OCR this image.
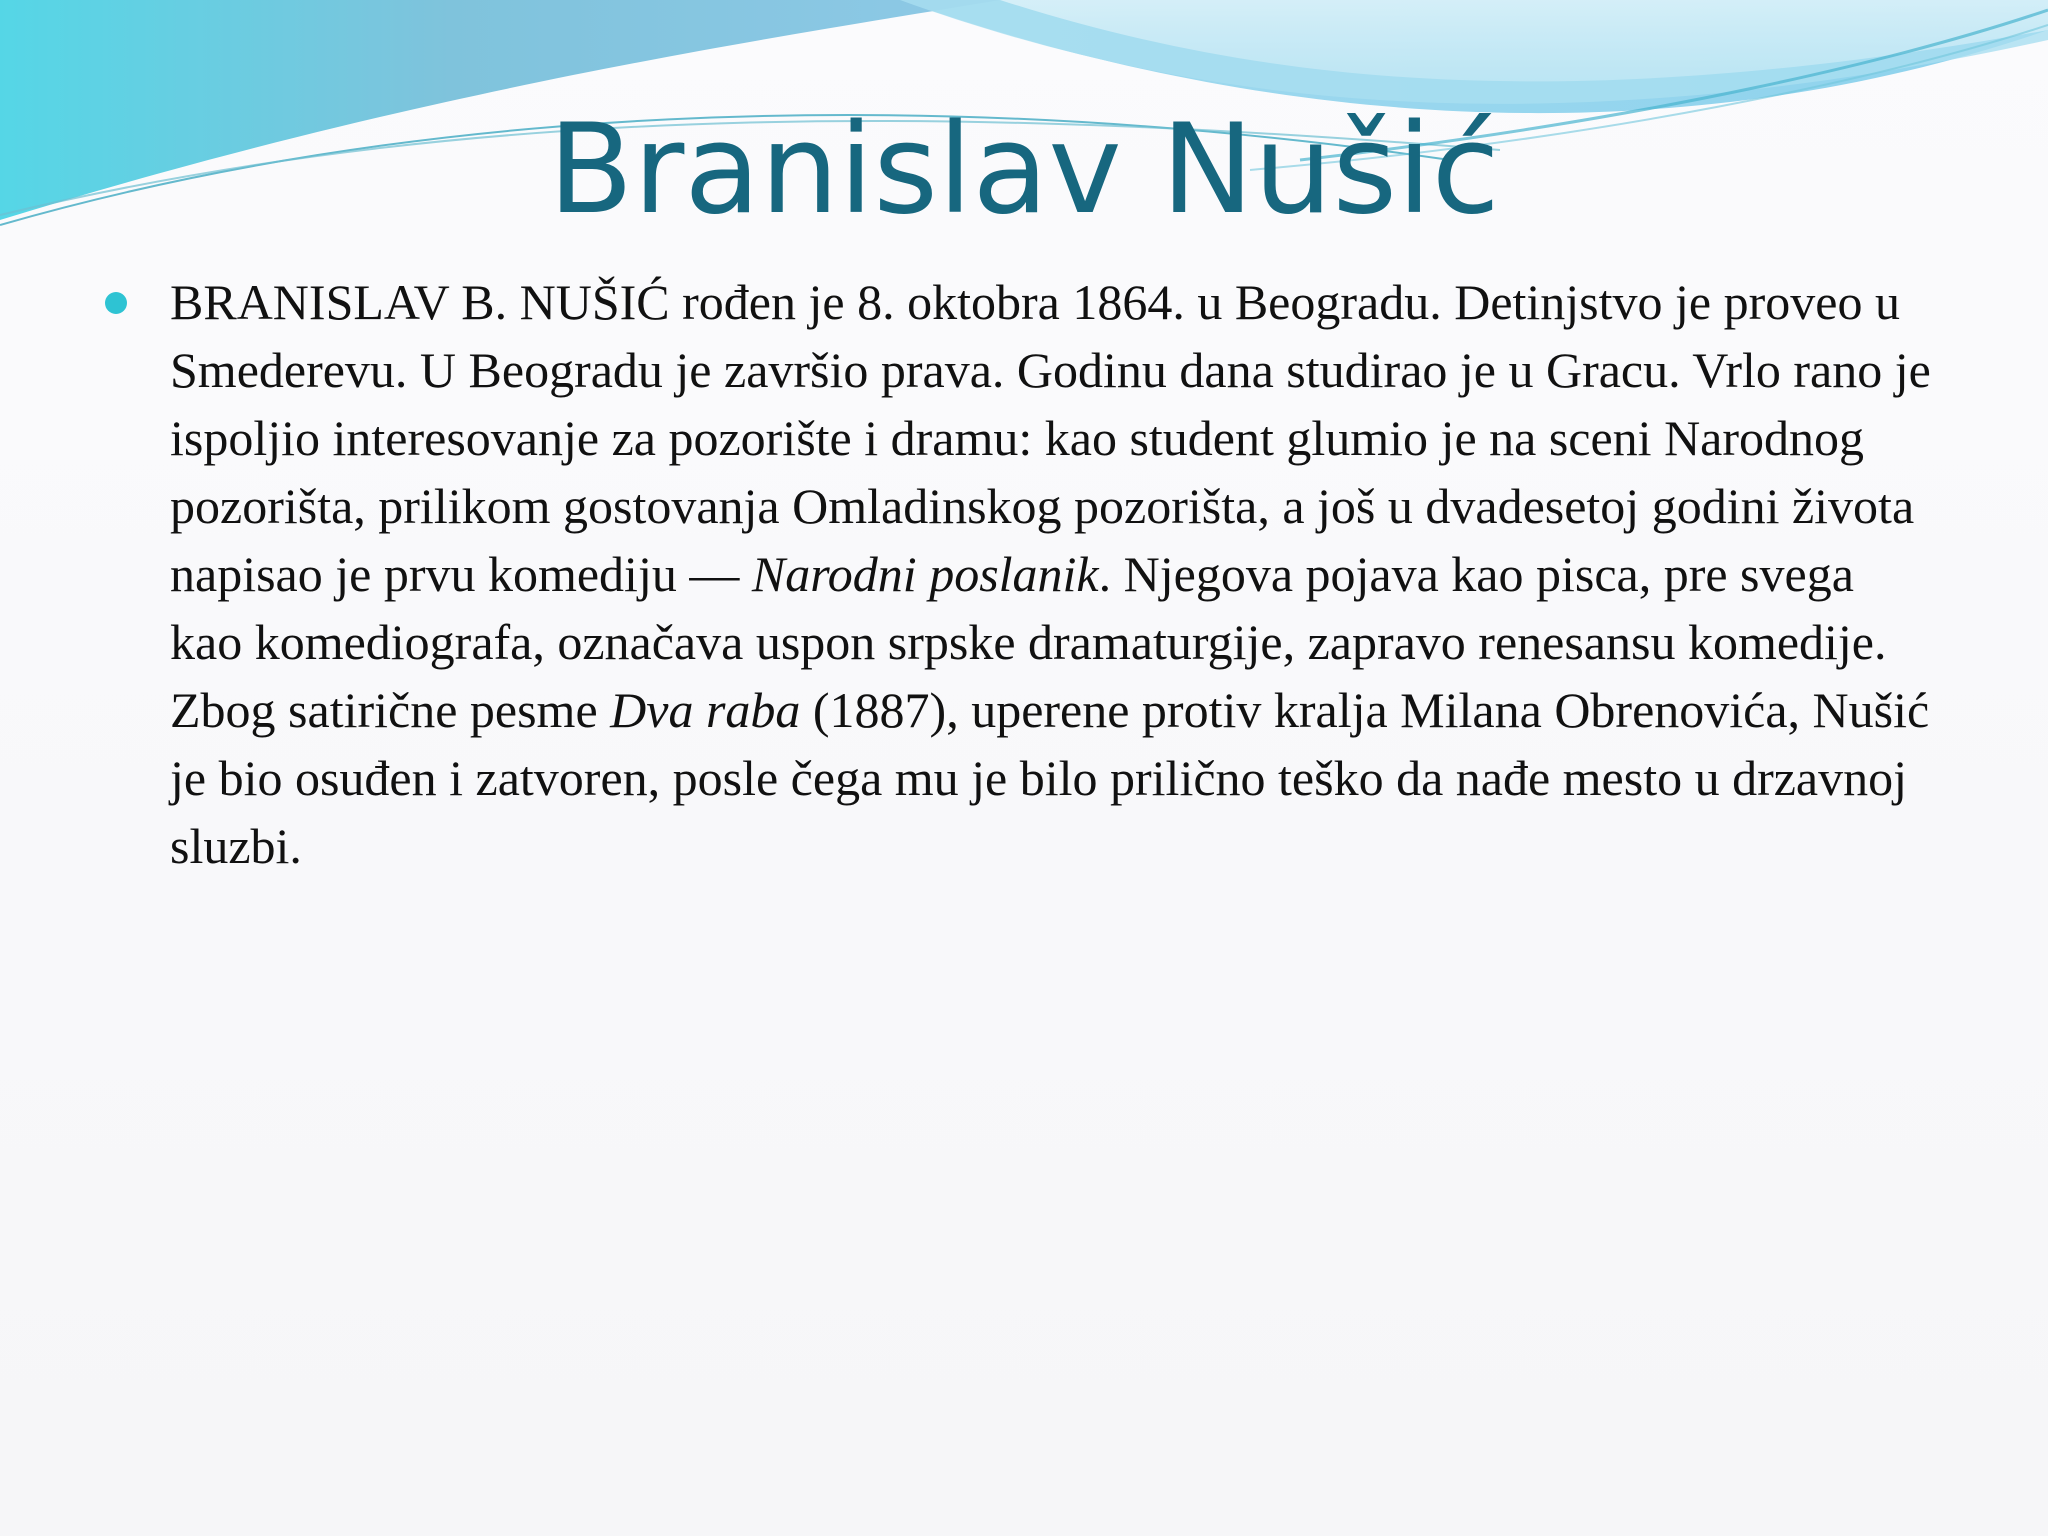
Branislav Nušić

BRANISLAV B. NUŠIĆ rođen je 8. oktobra 1864. u Beogradu. Detinjstvo je proveo u Smederevu. U Beogradu je završio prava. Godinu dana studirao je u Gracu. Vrlo rano je ispoljio interesovanje za pozorište i dramu: kao student glumio je na sceni Narodnog pozorišta, prilikom gostovanja Omladinskog pozorišta, a još u dvadesetoj godini života napisao je prvu komediju — Narodni poslanik. Njegova pojava kao pisca, pre svega kao komediografa, označava uspon srpske dramaturgije, zapravo renesansu komedije. Zbog satirične pesme Dva raba (1887), uperene protiv kralja Milana Obrenovića, Nušić je bio osuđen i zatvoren, posle čega mu je bilo prilično teško da nađe mesto u drzavnoj sluzbi.
